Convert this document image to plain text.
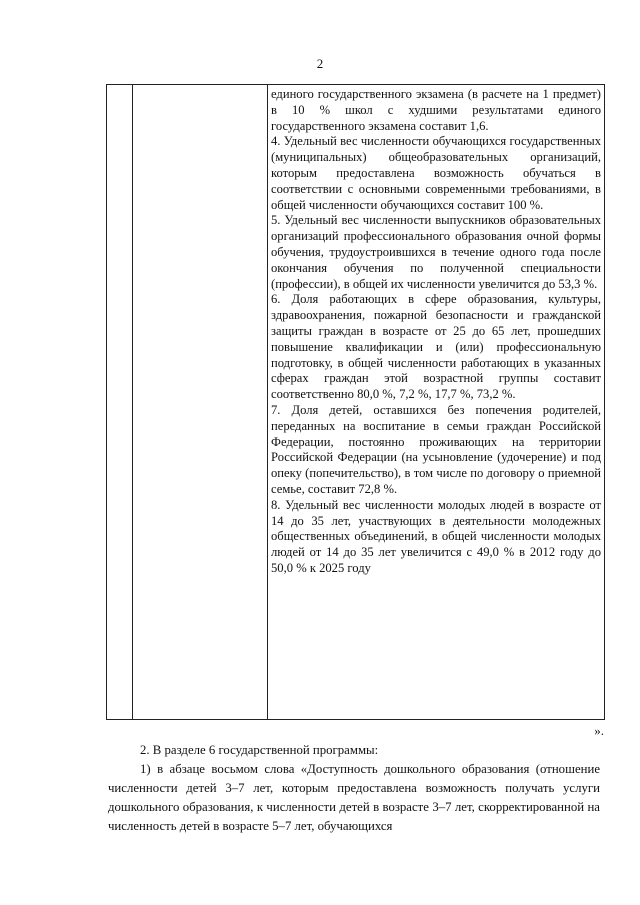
2

единого государственного экзамена (в расчете на 1 предмет) в 10 % школ с худшими результатами единого государственного экзамена составит 1,6.

4. Удельный вес численности обучающихся государственных (муниципальных) общеобразовательных организаций, которым предоставлена возможность обучаться в соответствии с основными современными требованиями, в общей численности обучающихся составит 100 %.

5. Удельный вес численности выпускников образовательных организаций профессионального образования очной формы обучения, трудоустроившихся в течение одного года после окончания обучения по полученной специальности (профессии), в общей их численности увеличится до 53,3 %.

6. Доля работающих в сфере образования, культуры, здравоохранения, пожарной безопасности и гражданской защиты граждан в возрасте от 25 до 65 лет, прошедших повышение квалификации и (или) профессиональную подготовку, в общей численности работающих в указанных сферах граждан этой возрастной группы составит соответственно 80,0 %, 7,2 %, 17,7 %, 73,2 %.

7. Доля детей, оставшихся без попечения родителей, переданных на воспитание в семьи граждан Российской Федерации, постоянно проживающих на территории Российской Федерации (на усыновление (удочерение) и под опеку (попечительство), в том числе по договору о приемной семье, составит 72,8 %.

8. Удельный вес численности молодых людей в возрасте от 14 до 35 лет, участвующих в деятельности молодежных общественных объединений, в общей численности молодых людей от 14 до 35 лет увеличится с 49,0 % в 2012 году до 50,0 % к 2025 году

».

2. В разделе 6 государственной программы:

1) в абзаце восьмом слова «Доступность дошкольного образования (отношение численности детей 3–7 лет, которым предоставлена возможность получать услуги дошкольного образования, к численности детей в возрасте 3–7 лет, скорректированной на численность детей в возрасте 5–7 лет, обучающихся
